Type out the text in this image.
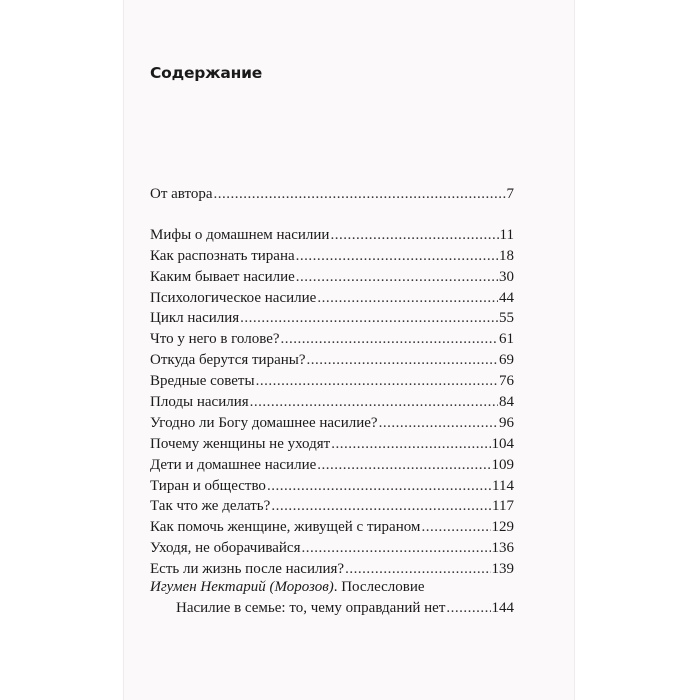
Содержание
От автора .....	7
Мифы о домашнем насилии .....	11
Как распознать тирана .....	18
Каким бывает насилие .....	30
Психологическое насилие .....	44
Цикл насилия .....	55
Что у него в голове? .....	61
Откуда берутся тираны? .....	69
Вредные советы .....	76
Плоды насилия .....	84
Угодно ли Богу домашнее насилие? .....	96
Почему женщины не уходят .....	104
Дети и домашнее насилие .....	109
Тиран и общество .....	114
Так что же делать? .....	117
Как помочь женщине, живущей с тираном .....	129
Уходя, не оборачивайся .....	136
Есть ли жизнь после насилия? .....	139
Игумен Нектарий (Морозов). Послесловие
Насилие в семье: то, чему оправданий нет .....	144
